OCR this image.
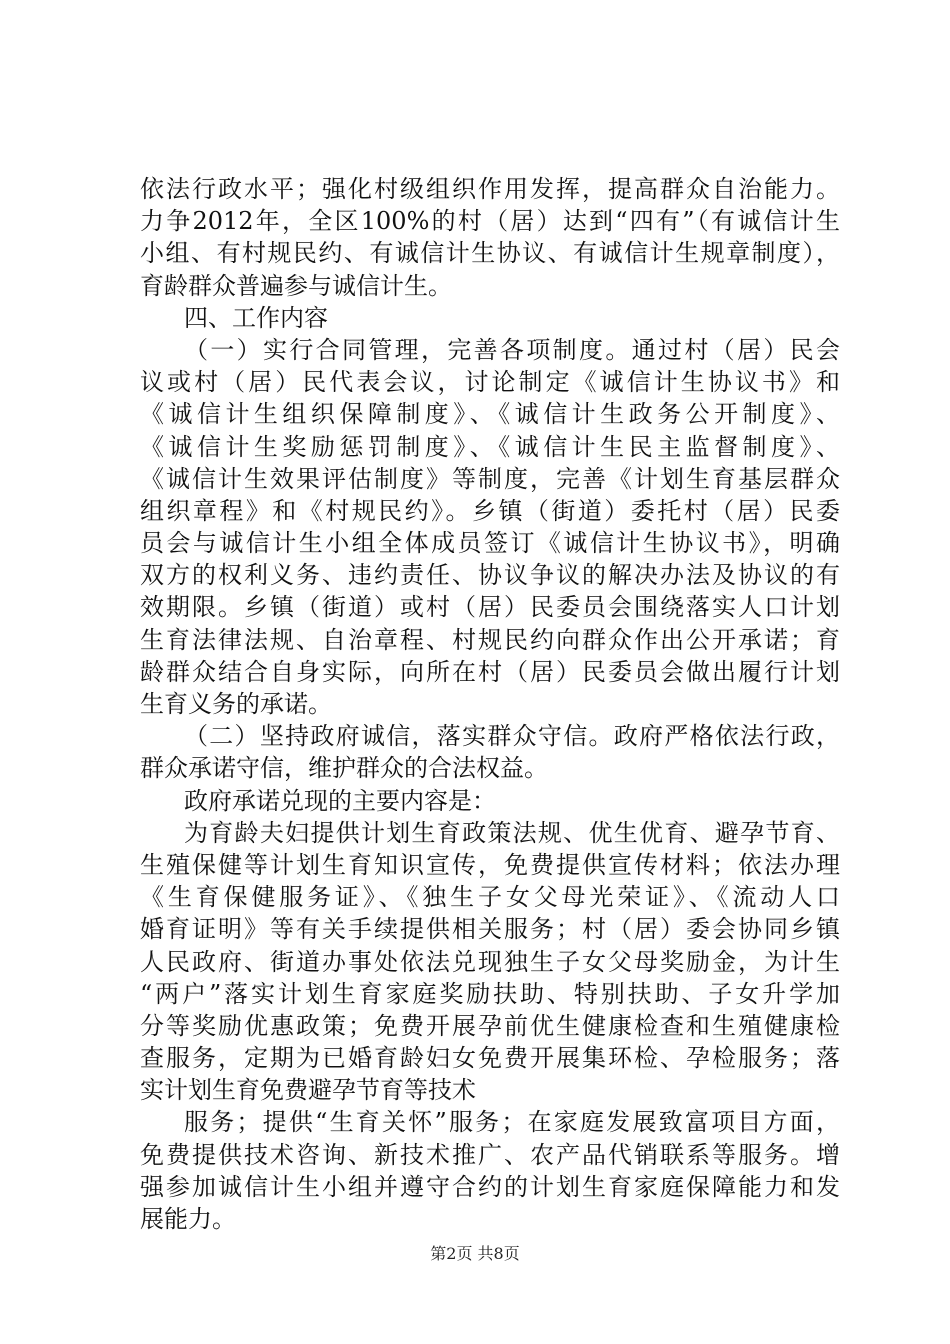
依法行政水平；强化村级组织作用发挥，提高群众自治能力。
力争2012年，全区100%的村（居）达到“四有”（有诚信计生
小组、有村规民约、有诚信计生协议、有诚信计生规章制度），
育龄群众普遍参与诚信计生。
四、工作内容
（一）实行合同管理，完善各项制度。通过村（居）民会
议或村（居）民代表会议，讨论制定《诚信计生协议书》和
《诚信计生组织保障制度》、《诚信计生政务公开制度》、
《诚信计生奖励惩罚制度》、《诚信计生民主监督制度》、
《诚信计生效果评估制度》等制度，完善《计划生育基层群众
组织章程》和《村规民约》。乡镇（街道）委托村（居）民委
员会与诚信计生小组全体成员签订《诚信计生协议书》，明确
双方的权利义务、违约责任、协议争议的解决办法及协议的有
效期限。乡镇（街道）或村（居）民委员会围绕落实人口计划
生育法律法规、自治章程、村规民约向群众作出公开承诺；育
龄群众结合自身实际，向所在村（居）民委员会做出履行计划
生育义务的承诺。
（二）坚持政府诚信，落实群众守信。政府严格依法行政，
群众承诺守信，维护群众的合法权益。
政府承诺兑现的主要内容是：
为育龄夫妇提供计划生育政策法规、优生优育、避孕节育、
生殖保健等计划生育知识宣传，免费提供宣传材料；依法办理
《生育保健服务证》、《独生子女父母光荣证》、《流动人口
婚育证明》等有关手续提供相关服务；村（居）委会协同乡镇
人民政府、街道办事处依法兑现独生子女父母奖励金，为计生
“两户”落实计划生育家庭奖励扶助、特别扶助、子女升学加
分等奖励优惠政策；免费开展孕前优生健康检查和生殖健康检
查服务，定期为已婚育龄妇女免费开展集环检、孕检服务；落
实计划生育免费避孕节育等技术
服务；提供“生育关怀”服务；在家庭发展致富项目方面，
免费提供技术咨询、新技术推广、农产品代销联系等服务。增
强参加诚信计生小组并遵守合约的计划生育家庭保障能力和发
展能力。
第2页 共8页
